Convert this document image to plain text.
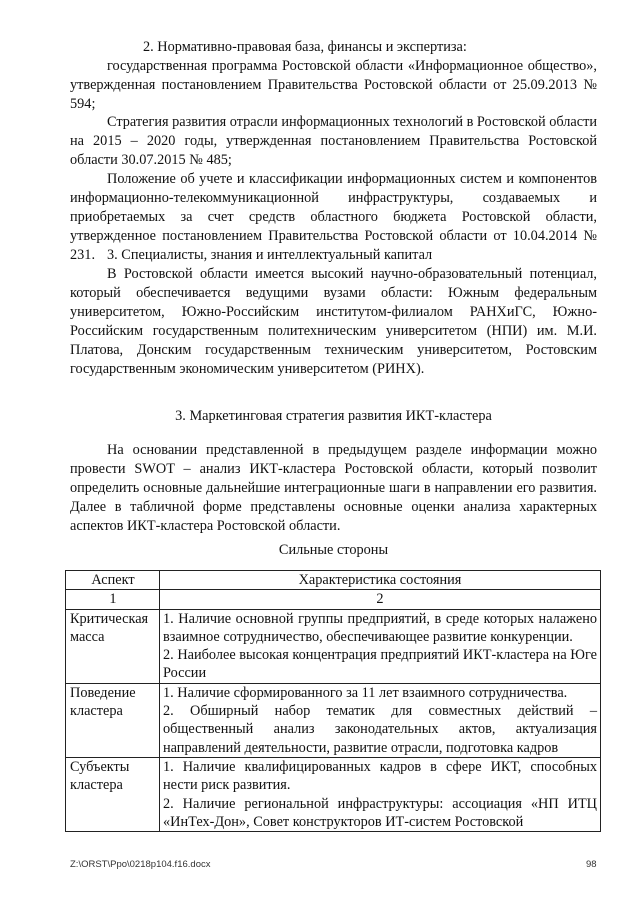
2. Нормативно-правовая база, финансы и экспертиза:
государственная программа Ростовской области «Информационное общество», утвержденная постановлением Правительства Ростовской области от 25.09.2013 № 594;
Стратегия развития отрасли информационных технологий в Ростовской области на 2015 – 2020 годы, утвержденная постановлением Правительства Ростовской области 30.07.2015 № 485;
Положение об учете и классификации информационных систем и компонентов информационно-телекоммуникационной инфраструктуры, создаваемых и приобретаемых за счет средств областного бюджета Ростовской области, утвержденное постановлением Правительства Ростовской области от 10.04.2014 № 231. 3. Специалисты, знания и интеллектуальный капитал
В Ростовской области имеется высокий научно-образовательный потенциал, который обеспечивается ведущими вузами области: Южным федеральным университетом, Южно-Российским институтом-филиалом РАНХиГС, Южно-Российским государственным политехническим университетом (НПИ) им. М.И. Платова, Донским государственным техническим университетом, Ростовским государственным экономическим университетом (РИНХ).
3. Маркетинговая стратегия развития ИКТ-кластера
На основании представленной в предыдущем разделе информации можно провести SWOT – анализ ИКТ-кластера Ростовской области, который позволит определить основные дальнейшие интеграционные шаги в направлении его развития. Далее в табличной форме представлены основные оценки анализа характерных аспектов ИКТ-кластера Ростовской области.
Сильные стороны
Аспект	Характеристика состояния
1	2
Критическая масса	1. Наличие основной группы предприятий, в среде которых налажено взаимное сотрудничество, обеспечивающее развитие конкуренции.
2. Наиболее высокая концентрация предприятий ИКТ-кластера на Юге России

Поведение кластера	1. Наличие сформированного за 11 лет взаимного сотрудничества.
2. Обширный набор тематик для совместных действий – общественный анализ законодательных актов, актуализация направлений деятельности, развитие отрасли, подготовка кадров

Субъекты кластера	1. Наличие квалифицированных кадров в сфере ИКТ, способных нести риск развития.
2. Наличие региональной инфраструктуры: ассоциация «НП ИТЦ «ИнТех-Дон», Совет конструкторов ИТ-систем Ростовской
Z:\ORST\Ppo\0218p104.f16.docx	98
